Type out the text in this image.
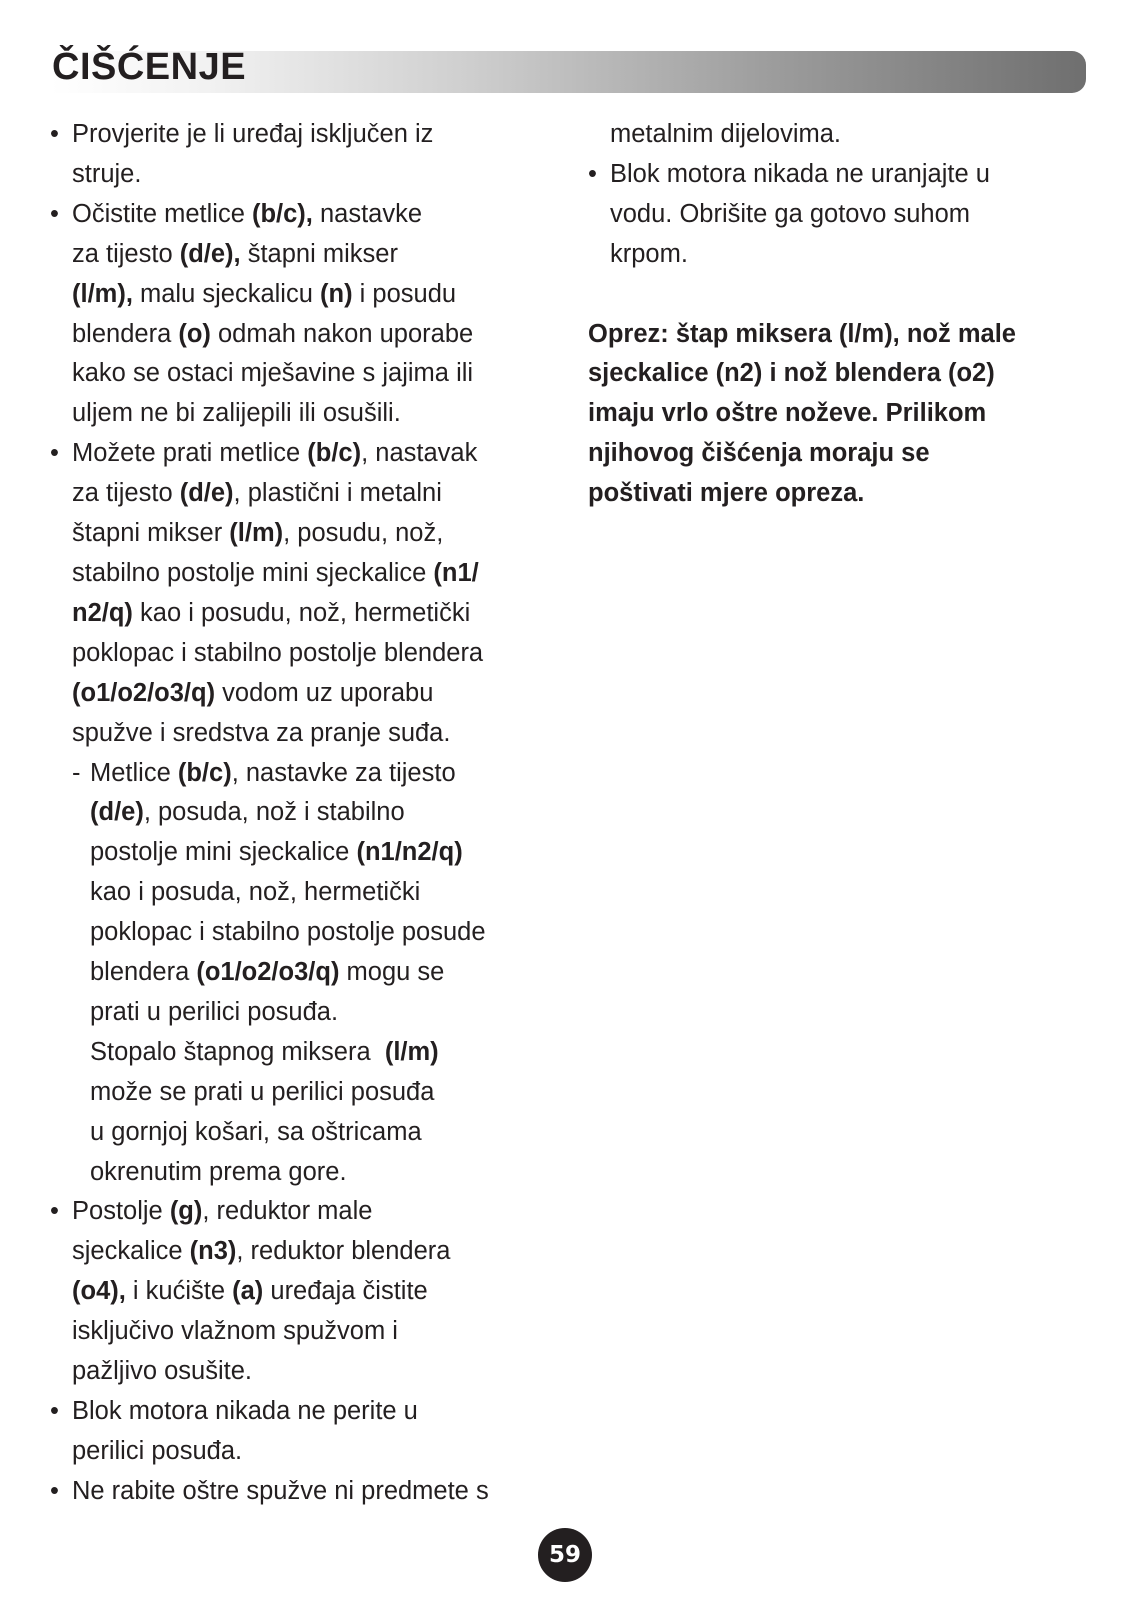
ČIŠĆENJE
• Provjerite je li uređaj isključen iz
struje.
• Očistite metlice (b/c), nastavke
za tijesto (d/e), štapni mikser
(l/m), malu sjeckalicu (n) i posudu
blendera (o) odmah nakon uporabe
kako se ostaci mješavine s jajima ili
uljem ne bi zalijepili ili osušili.
• Možete prati metlice (b/c), nastavak
za tijesto (d/e), plastični i metalni
štapni mikser (l/m), posudu, nož,
stabilno postolje mini sjeckalice (n1/
n2/q) kao i posudu, nož, hermetički
poklopac i stabilno postolje blendera
(o1/o2/o3/q) vodom uz uporabu
spužve i sredstva za pranje suđa.
- Metlice (b/c), nastavke za tijesto
(d/e), posuda, nož i stabilno
postolje mini sjeckalice (n1/n2/q)
kao i posuda, nož, hermetički
poklopac i stabilno postolje posude
blendera (o1/o2/o3/q) mogu se
prati u perilici posuđa.
Stopalo štapnog miksera  (l/m)
može se prati u perilici posuđa
u gornjoj košari, sa oštricama
okrenutim prema gore.
• Postolje (g), reduktor male
sjeckalice (n3), reduktor blendera
(o4), i kućište (a) uređaja čistite
isključivo vlažnom spužvom i
pažljivo osušite.
• Blok motora nikada ne perite u
perilici posuđa.
• Ne rabite oštre spužve ni predmete s
metalnim dijelovima.
• Blok motora nikada ne uranjajte u
vodu. Obrišite ga gotovo suhom
krpom.
Oprez: štap miksera (l/m), nož male
sjeckalice (n2) i nož blendera (o2)
imaju vrlo oštre noževe. Prilikom
njihovog čišćenja moraju se
poštivati mjere opreza.
59
